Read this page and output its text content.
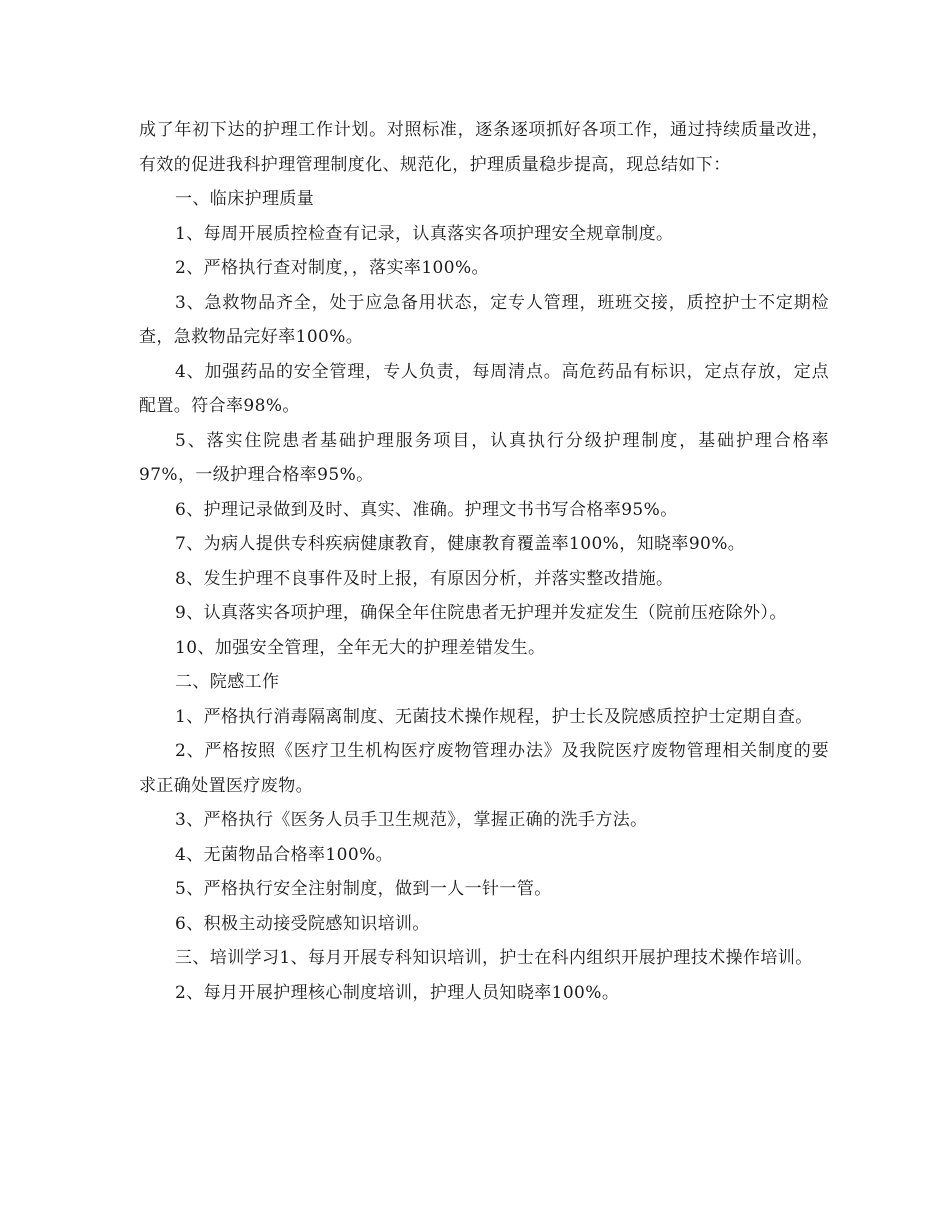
成了年初下达的护理工作计划。对照标准，逐条逐项抓好各项工作，通过持续质量改进，有效的促进我科护理管理制度化、规范化，护理质量稳步提高，现总结如下：

一、临床护理质量

1、每周开展质控检查有记录，认真落实各项护理安全规章制度。

2、严格执行查对制度，，落实率100%。

3、急救物品齐全，处于应急备用状态，定专人管理，班班交接，质控护士不定期检查，急救物品完好率100%。

4、加强药品的安全管理，专人负责，每周清点。高危药品有标识，定点存放，定点配置。符合率98%。

5、落实住院患者基础护理服务项目，认真执行分级护理制度，基础护理合格率97%，一级护理合格率95%。

6、护理记录做到及时、真实、准确。护理文书书写合格率95%。

7、为病人提供专科疾病健康教育，健康教育覆盖率100%，知晓率90%。

8、发生护理不良事件及时上报，有原因分析，并落实整改措施。

9、认真落实各项护理，确保全年住院患者无护理并发症发生（院前压疮除外）。

10、加强安全管理，全年无大的护理差错发生。

二、院感工作

1、严格执行消毒隔离制度、无菌技术操作规程，护士长及院感质控护士定期自查。

2、严格按照《医疗卫生机构医疗废物管理办法》及我院医疗废物管理相关制度的要求正确处置医疗废物。

3、严格执行《医务人员手卫生规范》，掌握正确的洗手方法。

4、无菌物品合格率100%。

5、严格执行安全注射制度，做到一人一针一管。

6、积极主动接受院感知识培训。

三、培训学习1、每月开展专科知识培训，护士在科内组织开展护理技术操作培训。

2、每月开展护理核心制度培训，护理人员知晓率100%。
